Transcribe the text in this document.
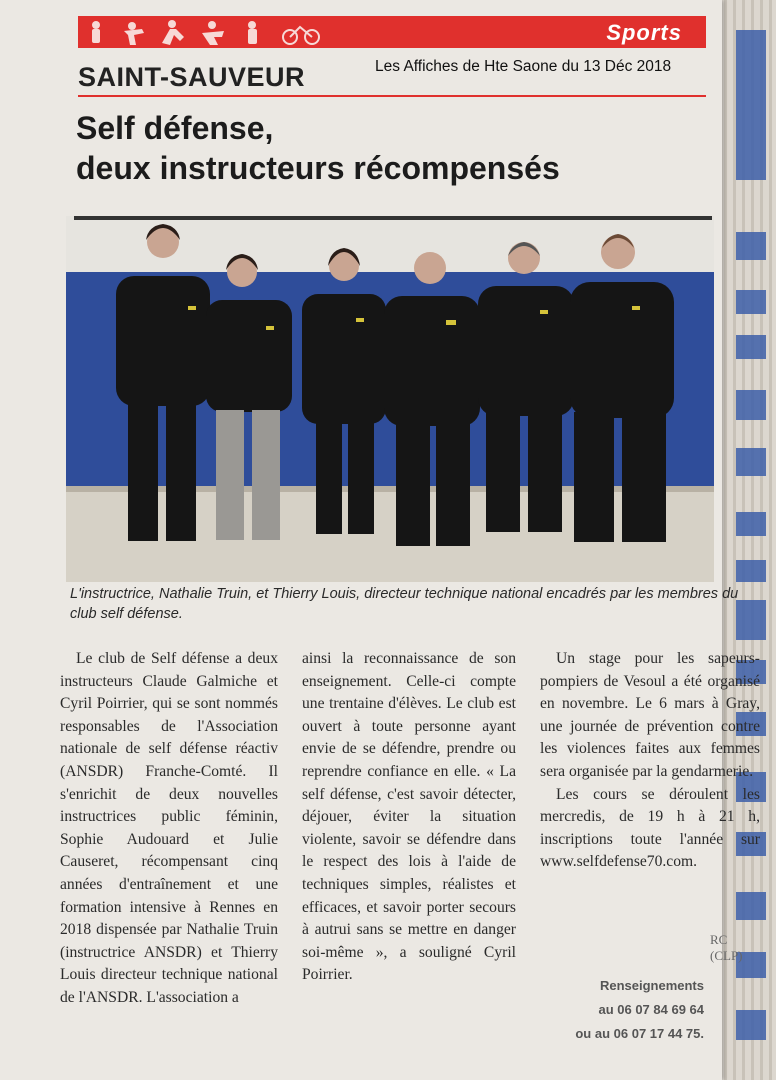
Sports
SAINT-SAUVEUR	Les Affiches de Hte Saone du 13 Déc 2018
Self défense,
deux instructeurs récompensés
L'instructrice, Nathalie Truin, et Thierry Louis, directeur technique national encadrés par les membres du club self défense.

Le club de Self défense a deux instructeurs Claude Galmiche et Cyril Poirrier, qui se sont nommés responsables de l'Association nationale de self défense réactiv (ANSDR) Franche-Comté. Il s'enrichit de deux nouvelles instructrices public féminin, Sophie Audouard et Julie Causeret, récompensant cinq années d'entraînement et une formation intensive à Rennes en 2018 dispensée par Nathalie Truin (instructrice ANSDR) et Thierry Louis directeur technique national de l'ANSDR. L'association a

ainsi la reconnaissance de son enseignement. Celle-ci compte une trentaine d'élèves. Le club est ouvert à toute personne ayant envie de se défendre, prendre ou reprendre confiance en elle. « La self défense, c'est savoir détecter, déjouer, éviter la situation violente, savoir se défendre dans le respect des lois à l'aide de techniques simples, réalistes et efficaces, et savoir porter secours à autrui sans se mettre en danger soi-même », a souligné Cyril Poirrier.

Un stage pour les sapeurs-pompiers de Vesoul a été organisé en novembre. Le 6 mars à Gray, une journée de prévention contre les violences faites aux femmes sera organisée par la gendarmerie.

Les cours se déroulent les mercredis, de 19 h à 21 h, inscriptions toute l'année sur www.selfdefense70.com.

RC (CLP)
Renseignements
au 06 07 84 69 64
ou au 06 07 17 44 75.
